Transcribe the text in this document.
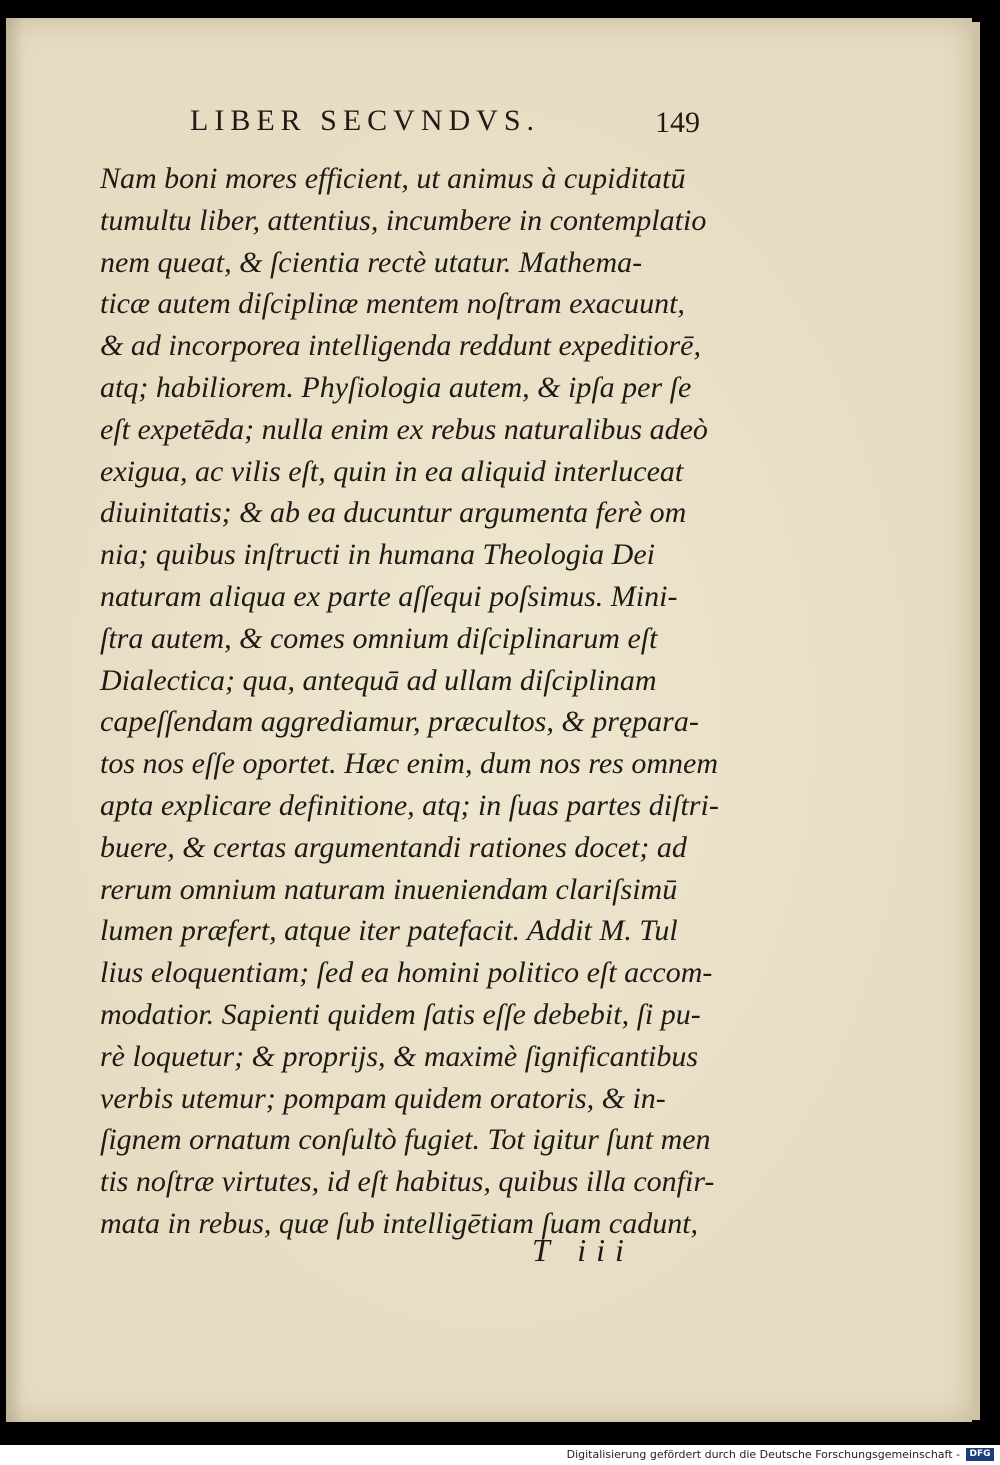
LIBER SECVNDVS.	149
Nam boni mores efficient, ut animus à cupiditatū
tumultu liber, attentius, incumbere in contemplatio
nem queat, & ſcientia rectè utatur. Mathema-
ticæ autem diſciplinæ mentem noſtram exacuunt,
& ad incorporea intelligenda reddunt expeditiorē,
atq; habiliorem. Phyſiologia autem, & ipſa per ſe
eſt expetēda; nulla enim ex rebus naturalibus adeò
exigua, ac vilis eſt, quin in ea aliquid interluceat
diuinitatis; & ab ea ducuntur argumenta ferè om
nia; quibus inſtructi in humana Theologia Dei
naturam aliqua ex parte aſſequi poſsimus. Mini-
ſtra autem, & comes omnium diſciplinarum eſt
Dialectica; qua, antequā ad ullam diſciplinam
capeſſendam aggrediamur, præcultos, & prępara-
tos nos eſſe oportet. Hæc enim, dum nos res omnem
apta explicare definitione, atq; in ſuas partes diſtri-
buere, & certas argumentandi rationes docet; ad
rerum omnium naturam inueniendam clariſsimū
lumen præfert, atque iter patefacit. Addit M. Tul
lius eloquentiam; ſed ea homini politico eſt accom-
modatior. Sapienti quidem ſatis eſſe debebit, ſi pu-
rè loquetur; & proprijs, & maximè ſignificantibus
verbis utemur; pompam quidem oratoris, & in-
ſignem ornatum conſultò fugiet. Tot igitur ſunt men
tis noſtræ virtutes, id eſt habitus, quibus illa confir-
mata in rebus, quæ ſub intelligētiam ſuam cadunt,
T iii
Digitalisierung gefördert durch die Deutsche Forschungsgemeinschaft -	DFG
